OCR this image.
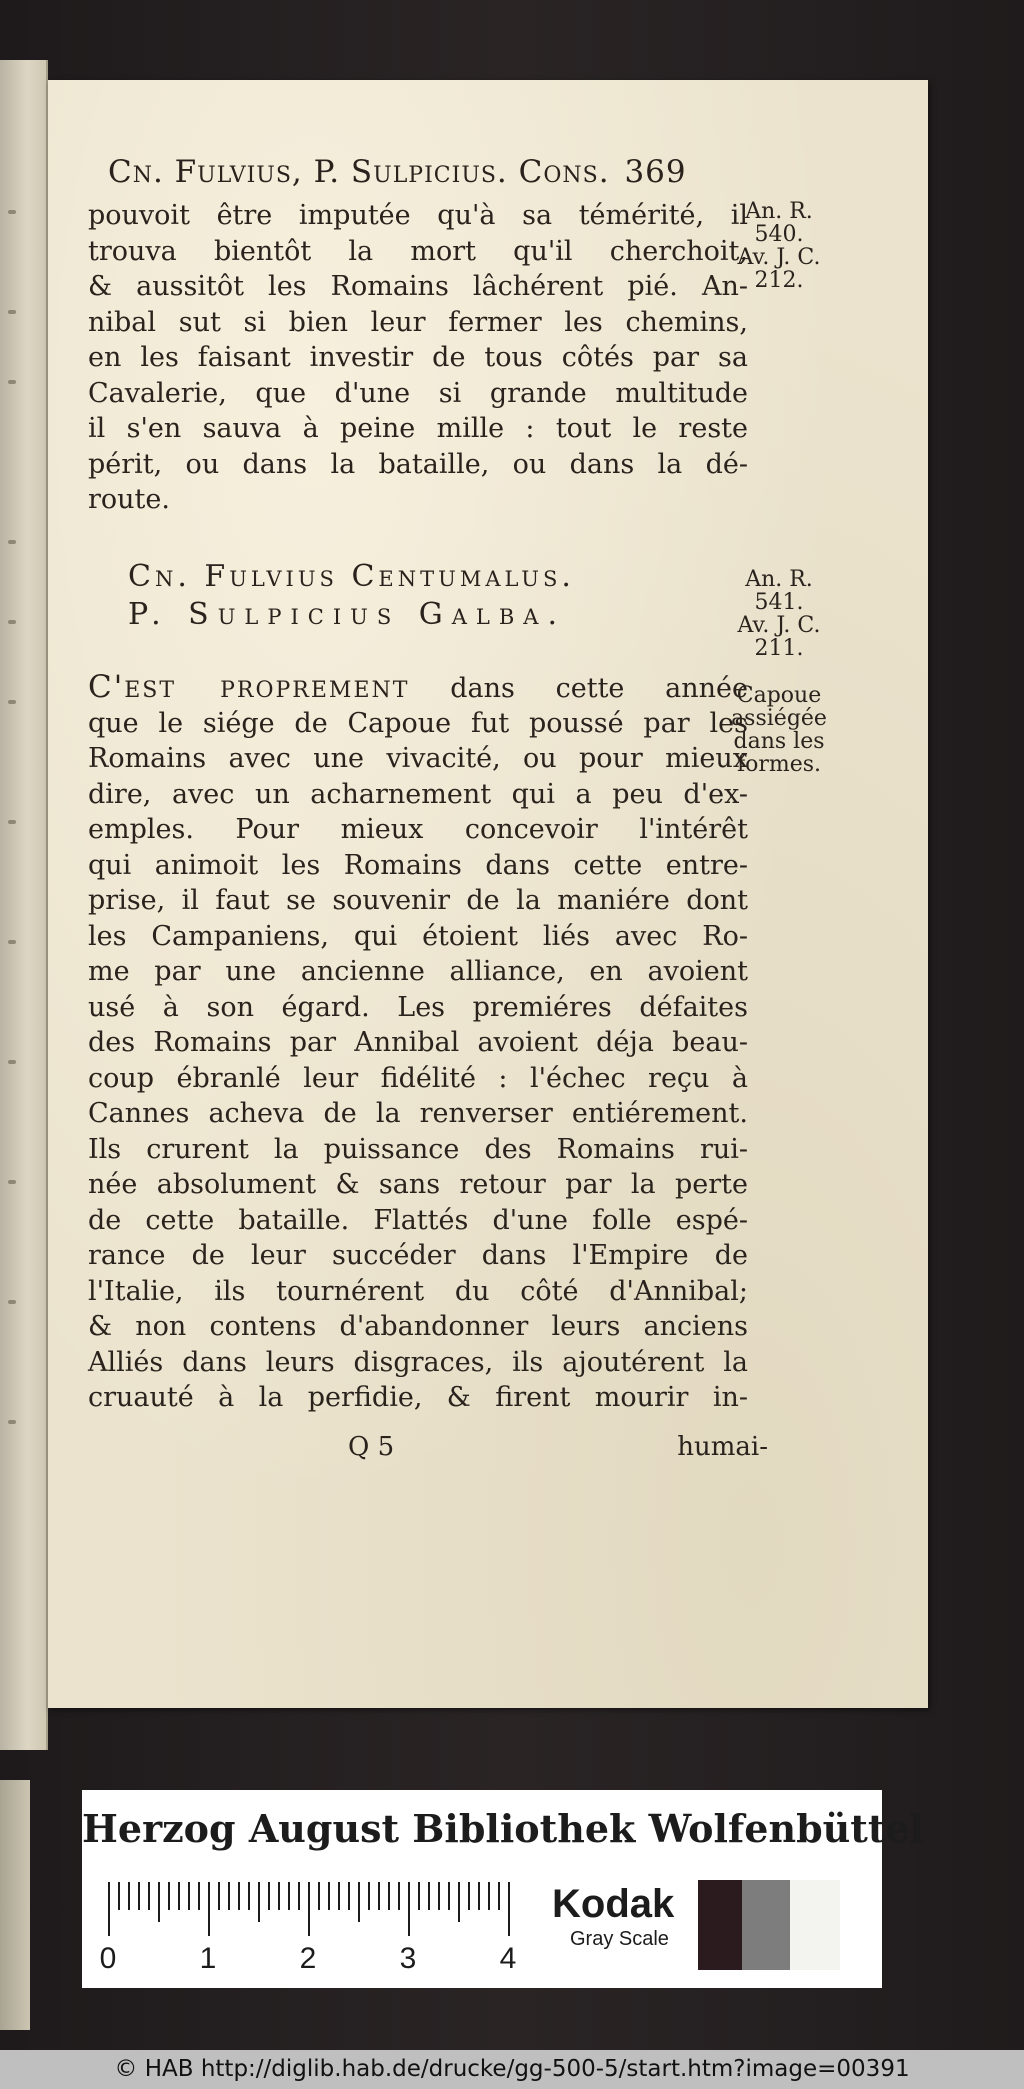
Cn. Fulvius, P. Sulpicius. Cons. 369
pouvoit être imputée qu'à sa témérité, il
trouva bientôt la mort qu'il cherchoit,
& aussitôt les Romains lâchérent pié. An-
nibal sut si bien leur fermer les chemins,
en les faisant investir de tous côtés par sa
Cavalerie, que d'une si grande multitude
il s'en sauva à peine mille : tout le reste
périt, ou dans la bataille, ou dans la dé-
route.
An. R.
540.
Av. J. C.
212.
Cn. Fulvius Centumalus.
P. Sulpicius Galba.
An. R.
541.
Av. J. C.
211.
Capoue
assiégée
dans les
formes.
C'est proprement dans cette année
que le siége de Capoue fut poussé par les
Romains avec une vivacité, ou pour mieux
dire, avec un acharnement qui a peu d'ex-
emples. Pour mieux concevoir l'intérêt
qui animoit les Romains dans cette entre-
prise, il faut se souvenir de la maniére dont
les Campaniens, qui étoient liés avec Ro-
me par une ancienne alliance, en avoient
usé à son égard. Les premiéres défaites
des Romains par Annibal avoient déja beau-
coup ébranlé leur fidélité : l'échec reçu à
Cannes acheva de la renverser entiérement.
Ils crurent la puissance des Romains rui-
née absolument & sans retour par la perte
de cette bataille. Flattés d'une folle espé-
rance de leur succéder dans l'Empire de
l'Italie, ils tournérent du côté d'Annibal;
& non contens d'abandonner leurs anciens
Alliés dans leurs disgraces, ils ajoutérent la
cruauté à la perfidie, & firent mourir in-
Q 5	humai-
Herzog August Bibliothek Wolfenbüttel
0	1	2	3	4
Kodak
Gray Scale
© HAB http://diglib.hab.de/drucke/gg-500-5/start.htm?image=00391
